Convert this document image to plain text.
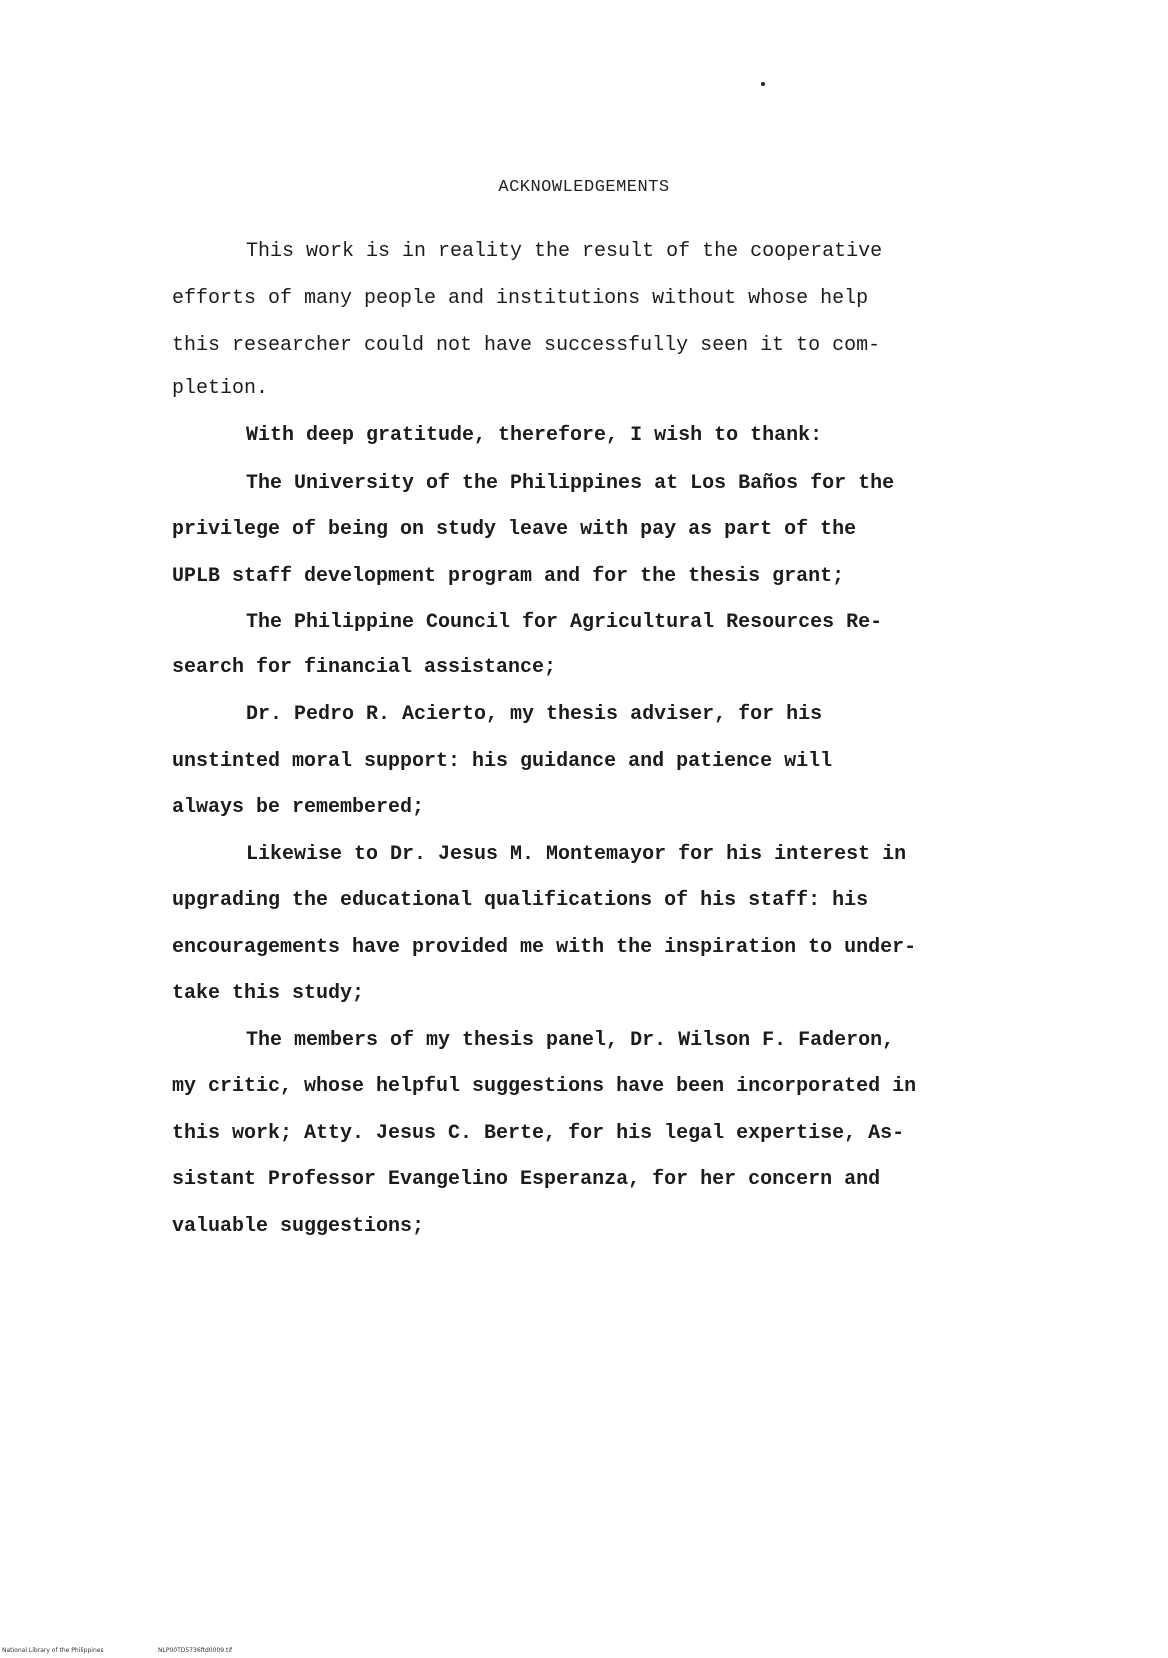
ACKNOWLEDGEMENTS
This work is in reality the result of the cooperative
efforts of many people and institutions without whose help
this researcher could not have successfully seen it to com-
pletion.
With deep gratitude, therefore, I wish to thank:
The University of the Philippines at Los Baños for the
privilege of being on study leave with pay as part of the
UPLB staff development program and for the thesis grant;
The Philippine Council for Agricultural Resources Re-
search for financial assistance;
Dr. Pedro R. Acierto, my thesis adviser, for his
unstinted moral support: his guidance and patience will
always be remembered;
Likewise to Dr. Jesus M. Montemayor for his interest in
upgrading the educational qualifications of his staff: his
encouragements have provided me with the inspiration to under-
take this study;
The members of my thesis panel, Dr. Wilson F. Faderon,
my critic, whose helpful suggestions have been incorporated in
this work; Atty. Jesus C. Berte, for his legal expertise, As-
sistant Professor Evangelino Esperanza, for her concern and
valuable suggestions;
National Library of the Philippines	NLP00TD5736ftd0009.tif
